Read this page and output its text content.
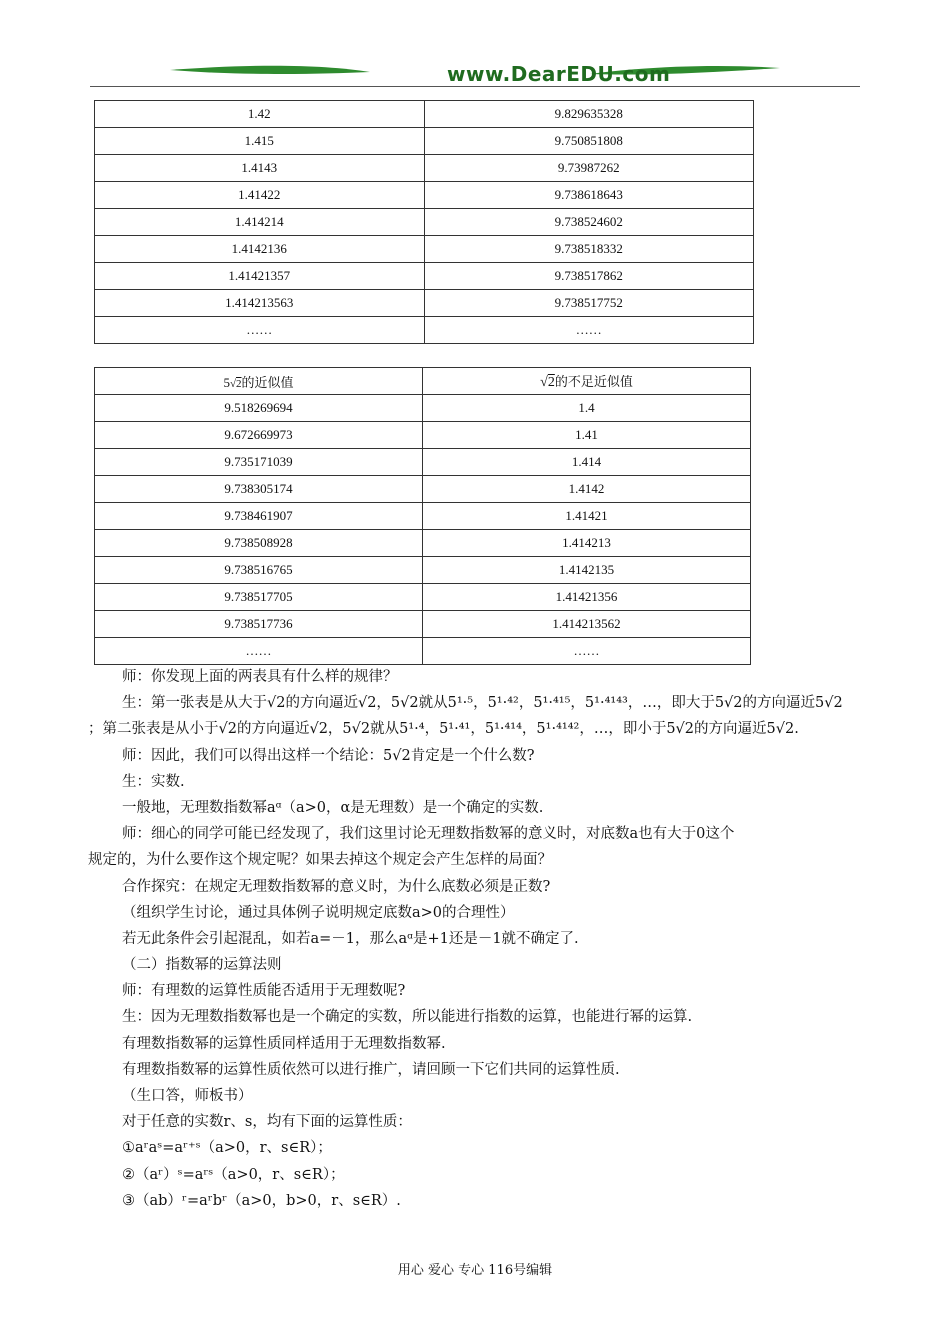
www.DearEDU.com
1.42	9.829635328
1.415	9.750851808
1.4143	9.73987262
1.41422	9.738618643
1.414214	9.738524602
1.4142136	9.738518332
1.41421357	9.738517862
1.414213563	9.738517752
……	……
5√2的近似值	√2的不足近似值
9.518269694	1.4
9.672669973	1.41
9.735171039	1.414
9.738305174	1.4142
9.738461907	1.41421
9.738508928	1.414213
9.738516765	1.4142135
9.738517705	1.41421356
9.738517736	1.414213562
……	……
师：你发现上面的两表具有什么样的规律？
生：第一张表是从大于√2的方向逼近√2，5√2就从5¹·⁵，5¹·⁴²，5¹·⁴¹⁵，5¹·⁴¹⁴³，…，即大于5√2的方向逼近5√2
；第二张表是从小于√2的方向逼近√2，5√2就从5¹·⁴，5¹·⁴¹，5¹·⁴¹⁴，5¹·⁴¹⁴²，…，即小于5√2的方向逼近5√2.
师：因此，我们可以得出这样一个结论：5√2肯定是一个什么数?
生：实数.
一般地，无理数指数幂aᵅ（a>0，α是无理数）是一个确定的实数.
师：细心的同学可能已经发现了，我们这里讨论无理数指数幂的意义时，对底数a也有大于0这个
规定的，为什么要作这个规定呢？如果去掉这个规定会产生怎样的局面？
合作探究：在规定无理数指数幂的意义时，为什么底数必须是正数?
（组织学生讨论，通过具体例子说明规定底数a>0的合理性）
若无此条件会引起混乱，如若a=－1，那么aᵅ是+1还是－1就不确定了.
（二）指数幂的运算法则
师：有理数的运算性质能否适用于无理数呢?
生：因为无理数指数幂也是一个确定的实数，所以能进行指数的运算，也能进行幂的运算.
有理数指数幂的运算性质同样适用于无理数指数幂.
有理数指数幂的运算性质依然可以进行推广，请回顾一下它们共同的运算性质.
（生口答，师板书）
对于任意的实数r、s，均有下面的运算性质：
①aʳaˢ=aʳ⁺ˢ（a>0，r、s∈R）；
②（aʳ）ˢ=aʳˢ（a>0，r、s∈R）；
③（ab）ʳ=aʳbʳ（a>0，b>0，r、s∈R）.
用心 爱心 专心 116号编辑
